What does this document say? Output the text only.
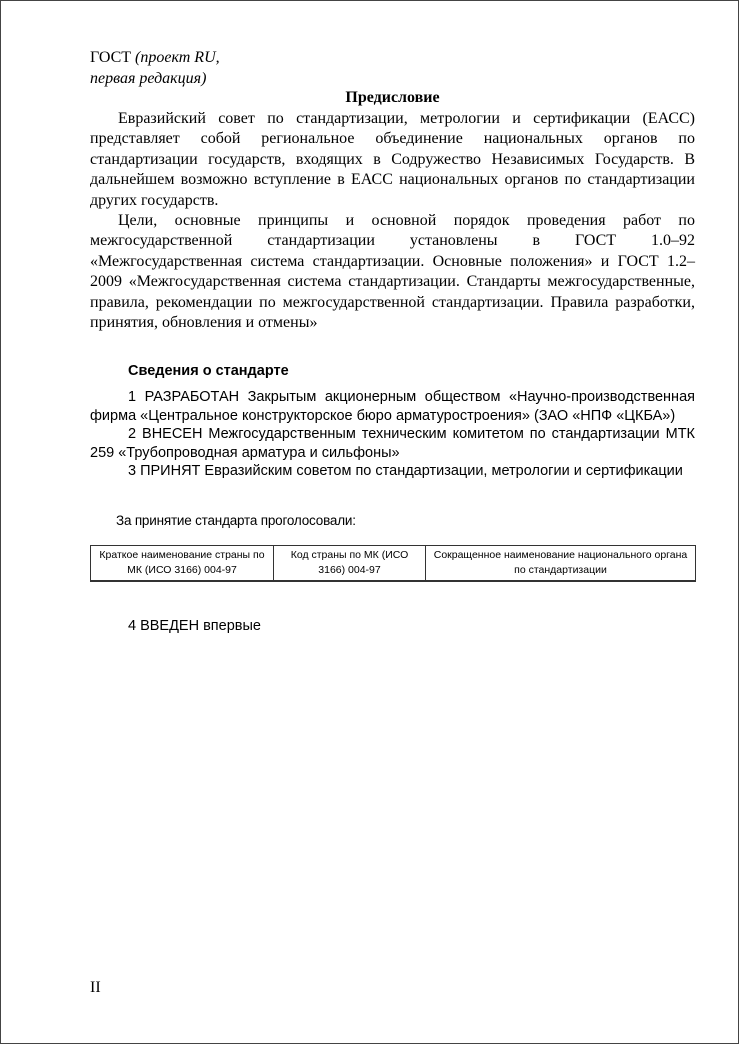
ГОСТ (проект RU,
первая редакция)
Предисловие

Евразийский совет по стандартизации, метрологии и сертификации (ЕАСС) представляет собой региональное объединение национальных органов по стандартизации государств, входящих в Содружество Независимых Государств. В дальнейшем возможно вступление в ЕАСС национальных органов по стандартизации других государств.

Цели, основные принципы и основной порядок проведения работ по межгосударственной стандартизации установлены в ГОСТ 1.0–92 «Межгосударственная система стандартизации. Основные положения» и ГОСТ 1.2–2009 «Межгосударственная система стандартизации. Стандарты межгосударственные, правила, рекомендации по межгосударственной стандартизации. Правила разработки, принятия, обновления и отмены»

Сведения о стандарте

1 РАЗРАБОТАН Закрытым акционерным обществом «Научно-производственная фирма «Центральное конструкторское бюро арматуростроения» (ЗАО «НПФ «ЦКБА»)

2 ВНЕСЕН Межгосударственным техническим комитетом по стандартизации МТК 259 «Трубопроводная арматура и сильфоны»

3 ПРИНЯТ Евразийским советом по стандартизации, метрологии и сертификации

За принятие стандарта проголосовали:
Краткое наименование страны по МК (ИСО 3166) 004-97	Код страны по МК (ИСО 3166) 004-97	Сокращенное наименование национального органа по стандартизации
4 ВВЕДЕН впервые
II
